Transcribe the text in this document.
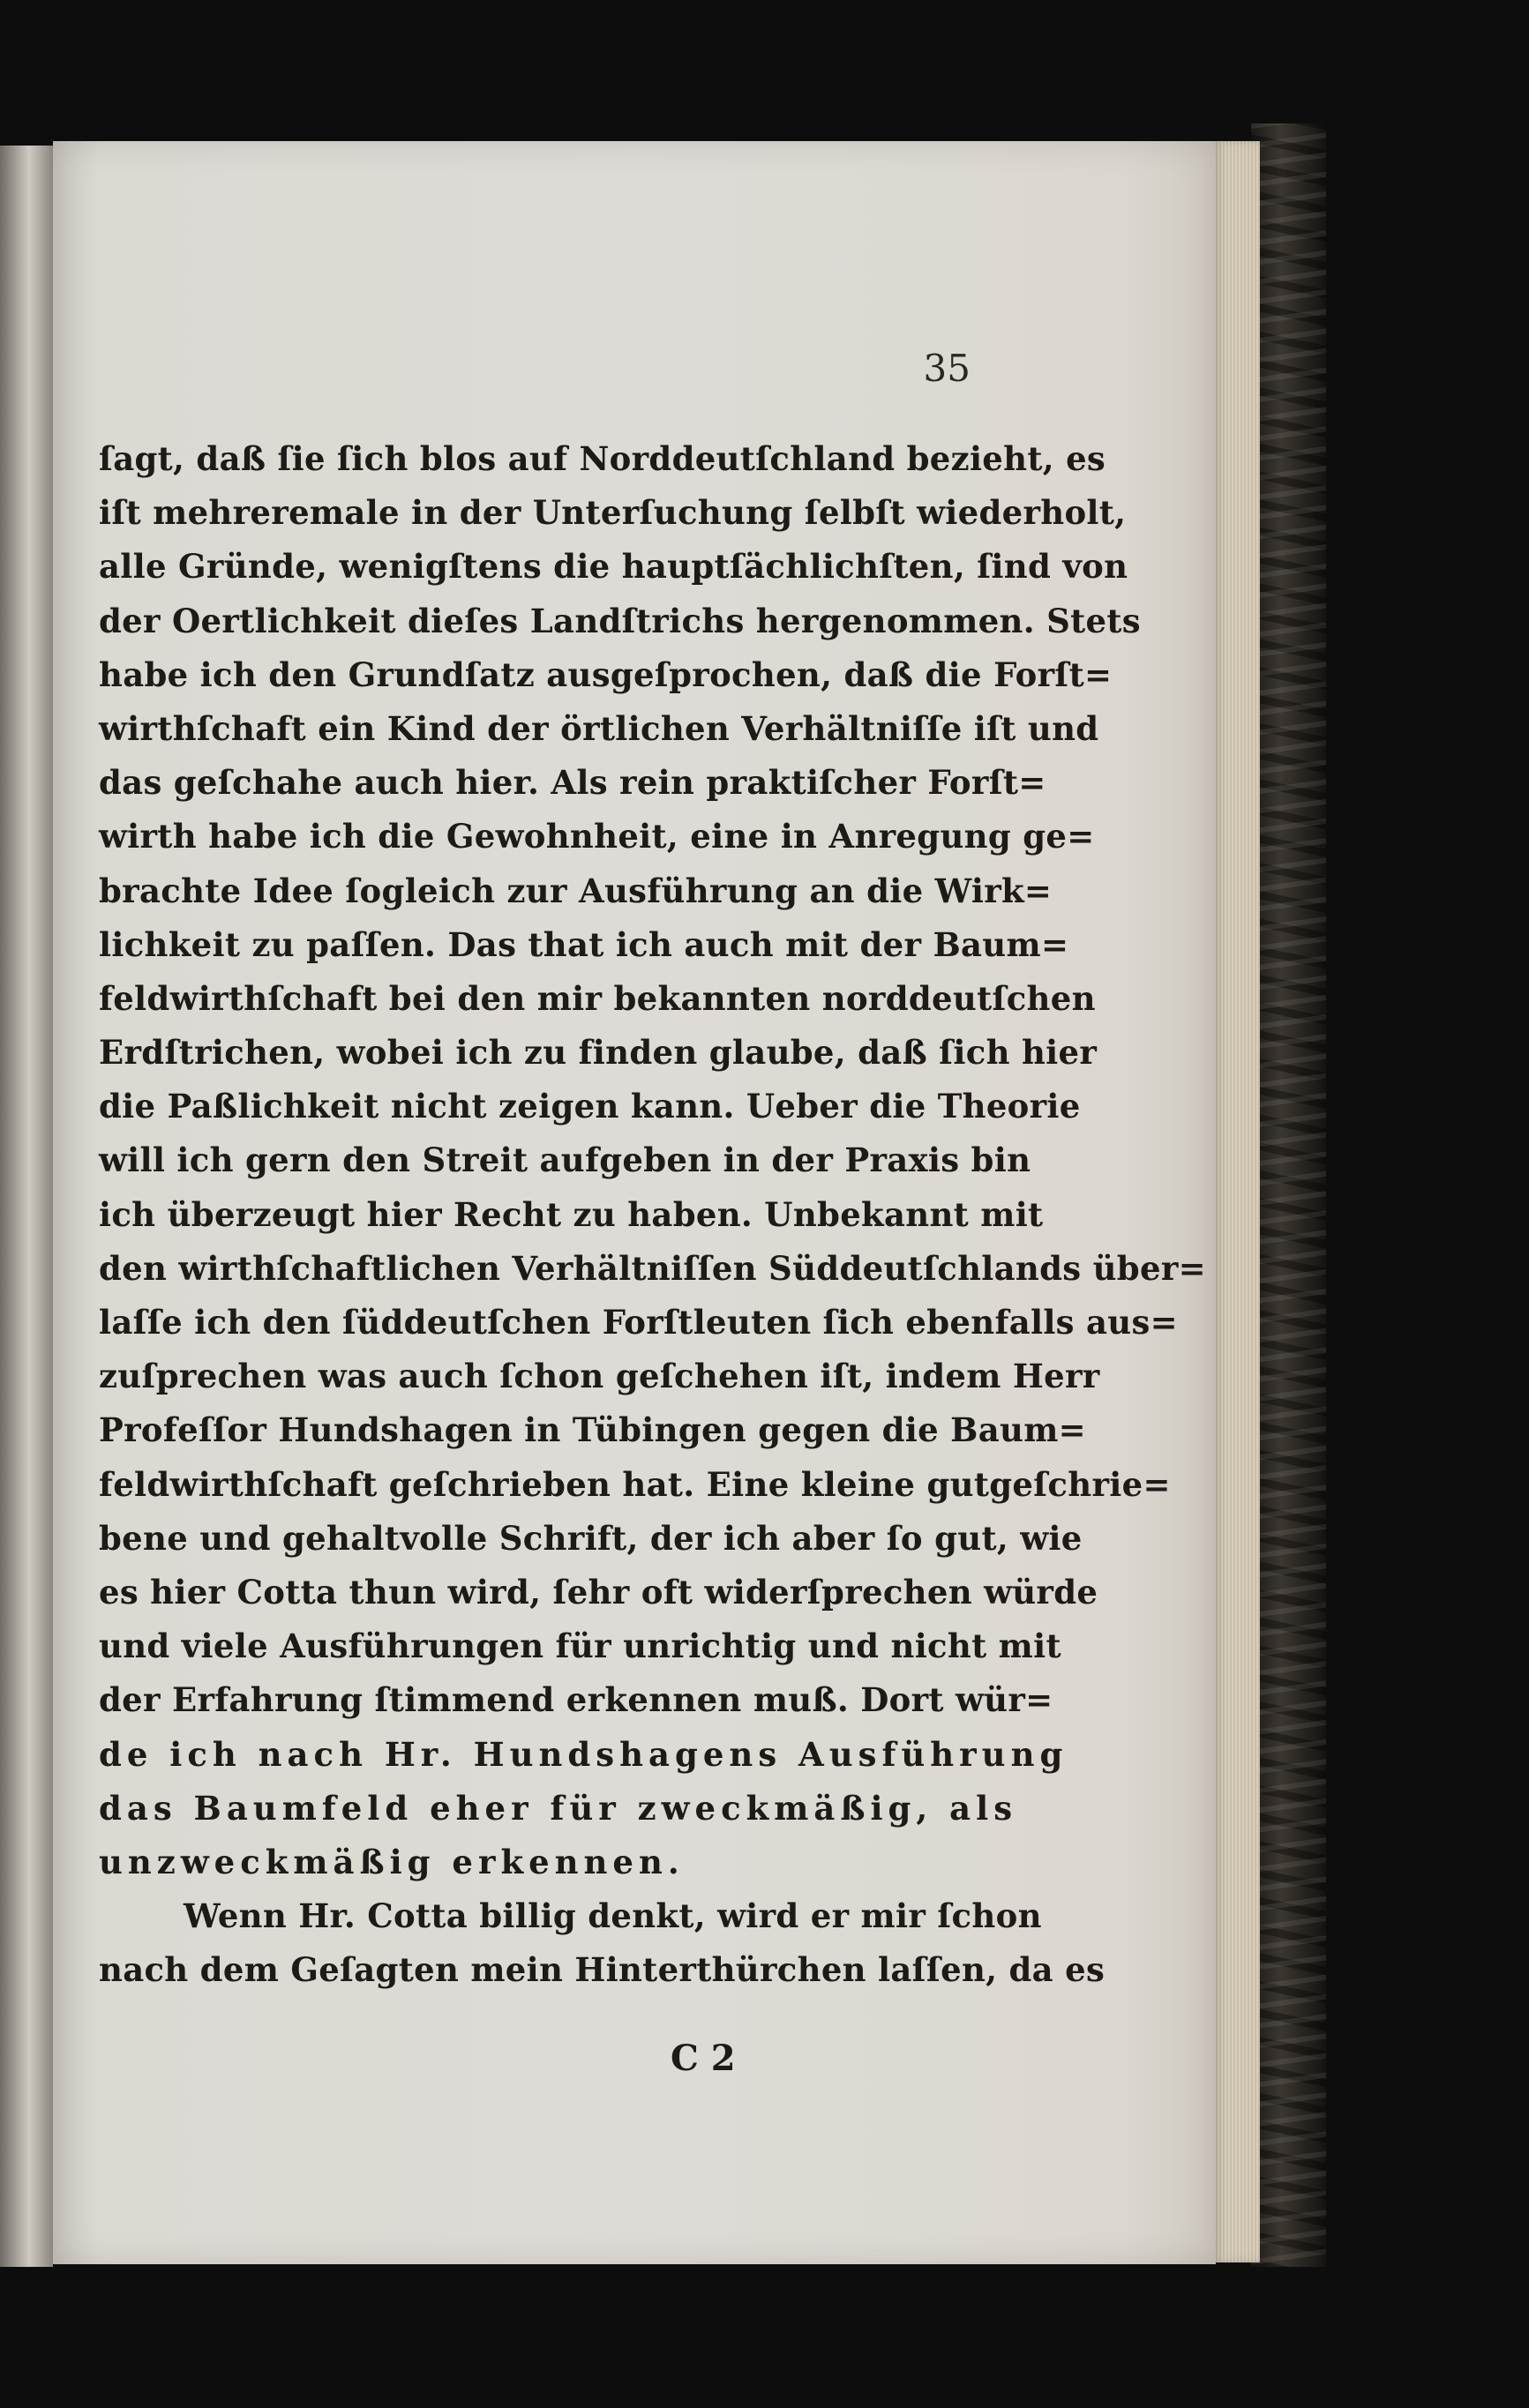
35
ſagt, daß ſie ſich blos auf Norddeutſchland bezieht, es
iſt mehreremale in der Unterſuchung ſelbſt wiederholt,
alle Gründe, wenigſtens die hauptſächlichſten, ſind von
der Oertlichkeit dieſes Landſtrichs hergenommen. Stets
habe ich den Grundſatz ausgeſprochen, daß die Forſt=
wirthſchaft ein Kind der örtlichen Verhältniſſe iſt und
das geſchahe auch hier. Als rein praktiſcher Forſt=
wirth habe ich die Gewohnheit, eine in Anregung ge=
brachte Idee ſogleich zur Ausführung an die Wirk=
lichkeit zu paſſen. Das that ich auch mit der Baum=
feldwirthſchaft bei den mir bekannten norddeutſchen
Erdſtrichen, wobei ich zu finden glaube, daß ſich hier
die Paßlichkeit nicht zeigen kann. Ueber die Theorie
will ich gern den Streit aufgeben in der Praxis bin
ich überzeugt hier Recht zu haben. Unbekannt mit
den wirthſchaftlichen Verhältniſſen Süddeutſchlands über=
laſſe ich den ſüddeutſchen Forſtleuten ſich ebenfalls aus=
zuſprechen was auch ſchon geſchehen iſt, indem Herr
Profeſſor Hundshagen in Tübingen gegen die Baum=
feldwirthſchaft geſchrieben hat. Eine kleine gutgeſchrie=
bene und gehaltvolle Schrift, der ich aber ſo gut, wie
es hier Cotta thun wird, ſehr oft widerſprechen würde
und viele Ausführungen für unrichtig und nicht mit
der Erfahrung ſtimmend erkennen muß. Dort wür=
de ich nach Hr. Hundshagens Ausführung
das Baumfeld eher für zweckmäßig, als
unzweckmäßig erkennen.
Wenn Hr. Cotta billig denkt, wird er mir ſchon
nach dem Geſagten mein Hinterthürchen laſſen, da es
C 2
